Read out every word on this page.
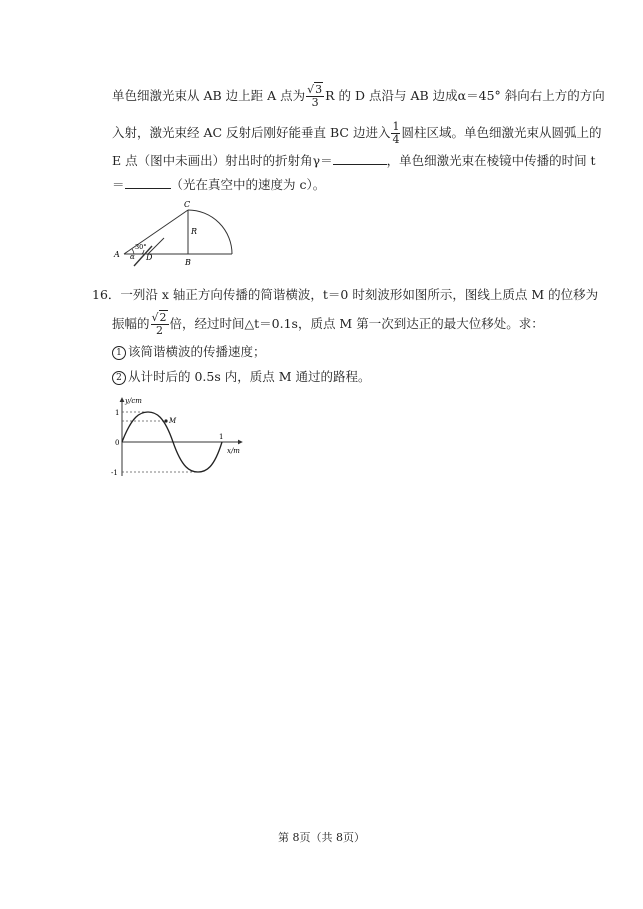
单色细激光束从 AB 边上距 A 点为 $\frac{√3}{3}$ R 的 D 点沿与 AB 边成α＝45° 斜向右上方的方向
入射，激光束经 AC 反射后刚好能垂直 BC 边进入 $\frac{1}{4}$ 圆柱区域。单色细激光束从圆弧上的
E 点（图中未画出）射出时的折射角γ＝	，单色细激光束在棱镜中传播的时间 t
＝	（光在真空中的速度为 c）。
C
R
A
30°
α D
B
16．一列沿 x 轴正方向传播的简谐横波，t＝0 时刻波形如图所示，图线上质点 M 的位移为
振幅的 $\frac{√2}{2}$ 倍，经过时间△t＝0.1s，质点 M 第一次到达正的最大位移处。求：
1 该简谐横波的传播速度；
2 从计时后的 0.5s 内，质点 M 通过的路程。
y/cm
x/m
M
1
0
-1
1
第 8页（共 8页）
